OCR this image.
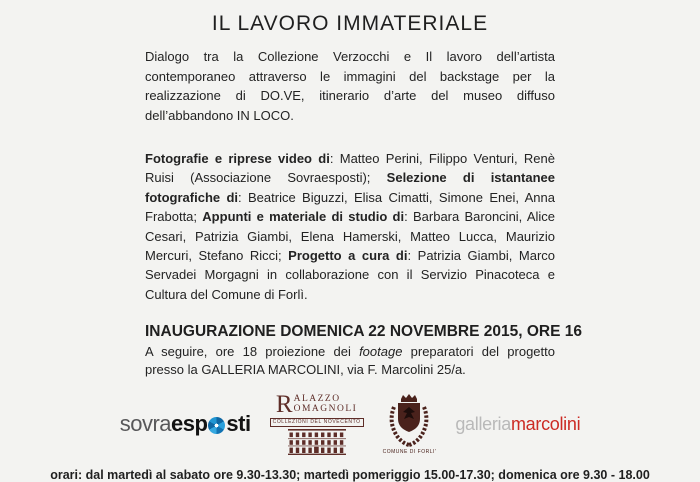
IL LAVORO IMMATERIALE

Dialogo tra la Collezione Verzocchi e Il lavoro dell’artista contemporaneo attraverso le immagini del backstage per la realizzazione di DO.VE, itinerario d’arte del museo diffuso dell’abbandono IN LOCO.

Fotografie e riprese video di: Matteo Perini, Filippo Venturi, Renè Ruisi (Associazione Sovraesposti); Selezione di istantanee fotografiche di: Beatrice Biguzzi, Elisa Cimatti, Simone Enei, Anna Frabotta; Appunti e materiale di studio di: Barbara Baroncini, Alice Cesari, Patrizia Giambi, Elena Hamerski, Matteo Lucca, Maurizio Mercuri, Stefano Ricci; Progetto a cura di: Patrizia Giambi, Marco Servadei Morgagni in collaborazione con il Servizio Pinacoteca e Cultura del Comune di Forlì.

INAUGURAZIONE DOMENICA 22 NOVEMBRE 2015, ORE 16

A seguire, ore 18 proiezione dei footage preparatori del progetto presso la GALLERIA MARCOLINI, via F. Marcolini 25/a.

sovra esp sti
R ALAZZO
OMAGNOLI
COLLEZIONI DEL NOVECENTO
COMUNE DI FORLI'
galleriamarcolini
orari: dal martedì al sabato ore 9.30-13.30; martedì pomeriggio 15.00-17.30; domenica ore 9.30 - 18.00
